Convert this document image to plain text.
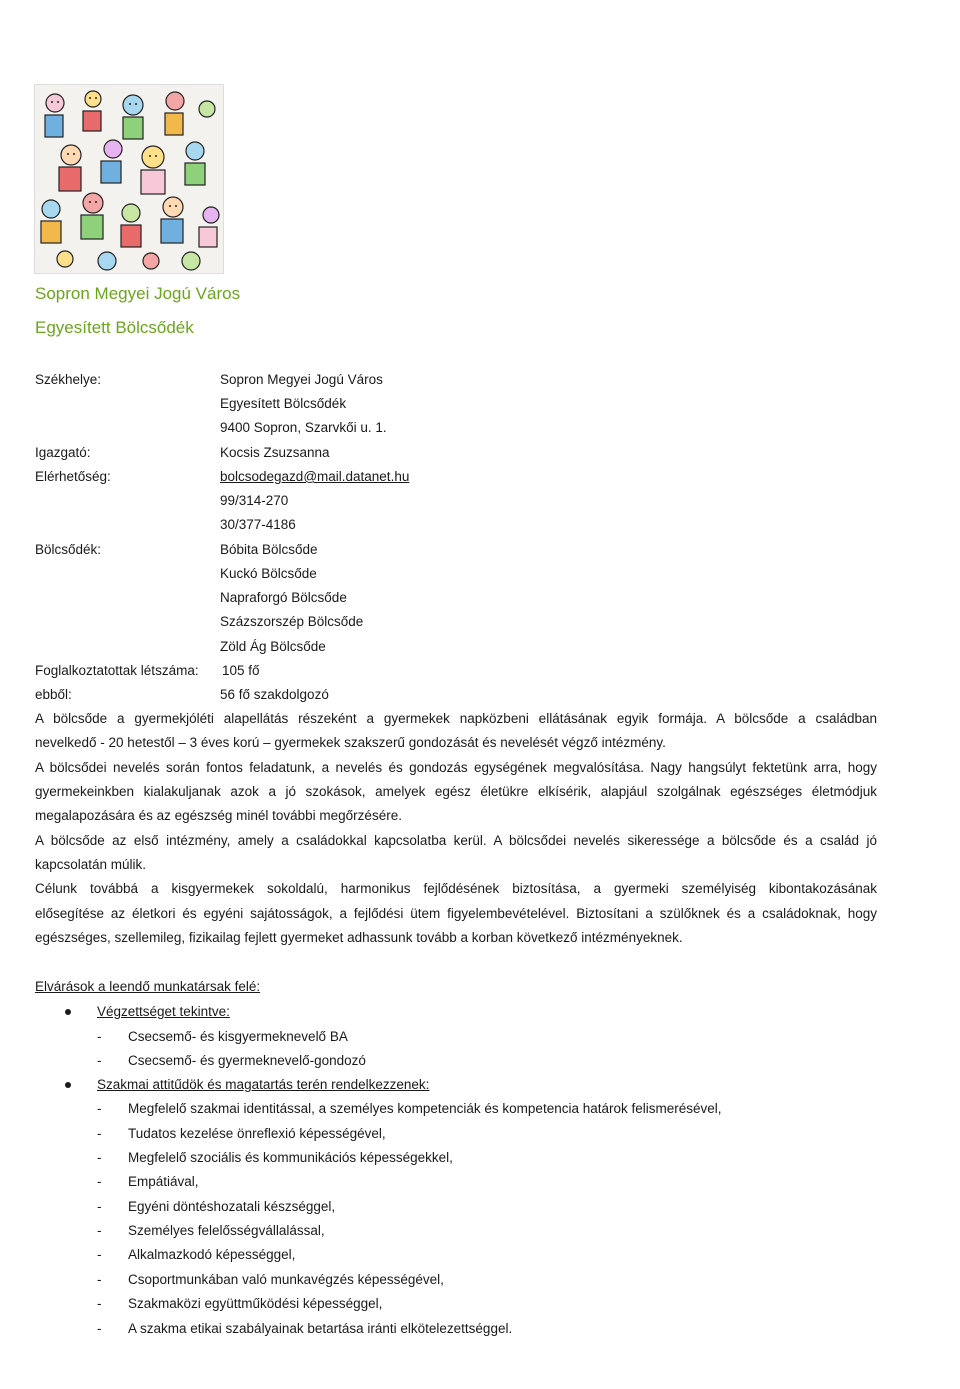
Sopron Megyei Jogú Város
Egyesített Bölcsődék
Székhelye:	Sopron Megyei Jogú Város
Egyesített Bölcsődék
9400 Sopron, Szarvkői u. 1.
Igazgató:	Kocsis Zsuzsanna
Elérhetőség:	bolcsodegazd@mail.datanet.hu
99/314-270
30/377-4186
Bölcsődék:	Bóbita Bölcsőde
Kuckó Bölcsőde
Napraforgó Bölcsőde
Százszorszép Bölcsőde
Zöld Ág Bölcsőde
Foglalkoztatottak létszáma: 105 fő
ebből:	56 fő szakdolgozó
A bölcsőde a gyermekjóléti alapellátás részeként a gyermekek napközbeni ellátásának egyik formája. A bölcsőde a családban
nevelkedő - 20 hetestől – 3 éves korú – gyermekek szakszerű gondozását és nevelését végző intézmény.
A bölcsődei nevelés során fontos feladatunk, a nevelés és gondozás egységének megvalósítása. Nagy hangsúlyt fektetünk arra, hogy
gyermekeinkben kialakuljanak azok a jó szokások, amelyek egész életükre elkísérik, alapjául szolgálnak egészséges életmódjuk
megalapozására és az egészség minél további megőrzésére.
A bölcsőde az első intézmény, amely a családokkal kapcsolatba kerül. A bölcsődei nevelés sikeressége a bölcsőde és a család jó
kapcsolatán múlik.
Célunk továbbá a kisgyermekek sokoldalú, harmonikus fejlődésének biztosítása, a gyermeki személyiség kibontakozásának
elősegítése az életkori és egyéni sajátosságok, a fejlődési ütem figyelembevételével. Biztosítani a szülőknek és a családoknak, hogy
egészséges, szellemileg, fizikailag fejlett gyermeket adhassunk tovább a korban következő intézményeknek.
Elvárások a leendő munkatársak felé:
Végzettséget tekintve:
- Csecsemő- és kisgyermeknevelő BA
- Csecsemő- és gyermeknevelő-gondozó
Szakmai attitűdök és magatartás terén rendelkezzenek:
- Megfelelő szakmai identitással, a személyes kompetenciák és kompetencia határok felismerésével,
- Tudatos kezelése önreflexió képességével,
- Megfelelő szociális és kommunikációs képességekkel,
- Empátiával,
- Egyéni döntéshozatali készséggel,
- Személyes felelősségvállalással,
- Alkalmazkodó képességgel,
- Csoportmunkában való munkavégzés képességével,
- Szakmaközi együttműködési képességgel,
- A szakma etikai szabályainak betartása iránti elkötelezettséggel.
